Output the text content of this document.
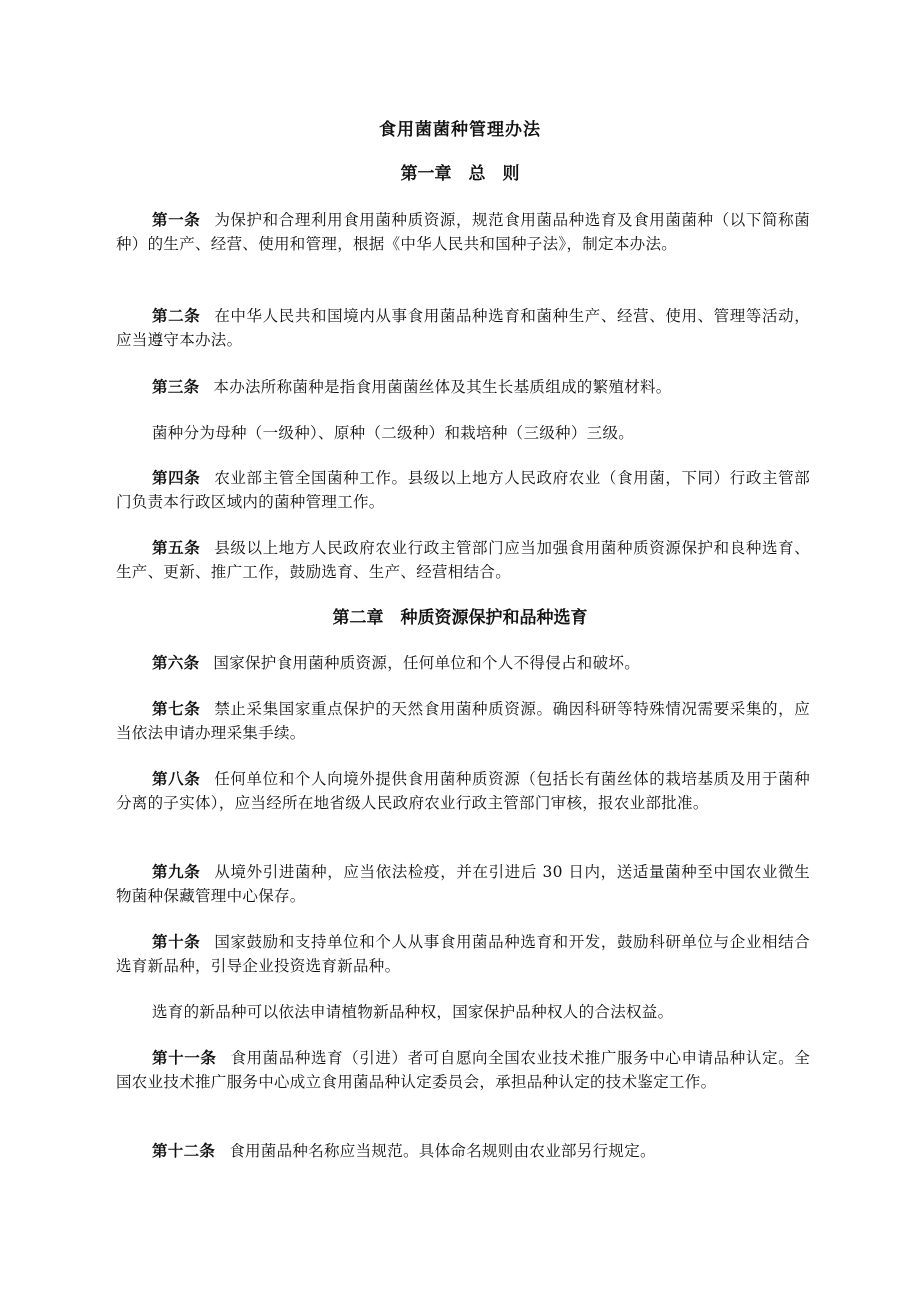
食用菌菌种管理办法
第一章　总　则
第一条 为保护和合理利用食用菌种质资源，规范食用菌品种选育及食用菌菌种（以下简称菌种）的生产、经营、使用和管理，根据《中华人民共和国种子法》，制定本办法。
第二条 在中华人民共和国境内从事食用菌品种选育和菌种生产、经营、使用、管理等活动，应当遵守本办法。
第三条 本办法所称菌种是指食用菌菌丝体及其生长基质组成的繁殖材料。
菌种分为母种（一级种）、原种（二级种）和栽培种（三级种）三级。
第四条 农业部主管全国菌种工作。县级以上地方人民政府农业（食用菌，下同）行政主管部门负责本行政区域内的菌种管理工作。
第五条 县级以上地方人民政府农业行政主管部门应当加强食用菌种质资源保护和良种选育、生产、更新、推广工作，鼓励选育、生产、经营相结合。
第二章　种质资源保护和品种选育
第六条 国家保护食用菌种质资源，任何单位和个人不得侵占和破坏。
第七条 禁止采集国家重点保护的天然食用菌种质资源。确因科研等特殊情况需要采集的，应当依法申请办理采集手续。
第八条 任何单位和个人向境外提供食用菌种质资源（包括长有菌丝体的栽培基质及用于菌种分离的子实体），应当经所在地省级人民政府农业行政主管部门审核，报农业部批准。
第九条 从境外引进菌种，应当依法检疫，并在引进后 30 日内，送适量菌种至中国农业微生物菌种保藏管理中心保存。
第十条 国家鼓励和支持单位和个人从事食用菌品种选育和开发，鼓励科研单位与企业相结合选育新品种，引导企业投资选育新品种。
选育的新品种可以依法申请植物新品种权，国家保护品种权人的合法权益。
第十一条 食用菌品种选育（引进）者可自愿向全国农业技术推广服务中心申请品种认定。全国农业技术推广服务中心成立食用菌品种认定委员会，承担品种认定的技术鉴定工作。
第十二条 食用菌品种名称应当规范。具体命名规则由农业部另行规定。
